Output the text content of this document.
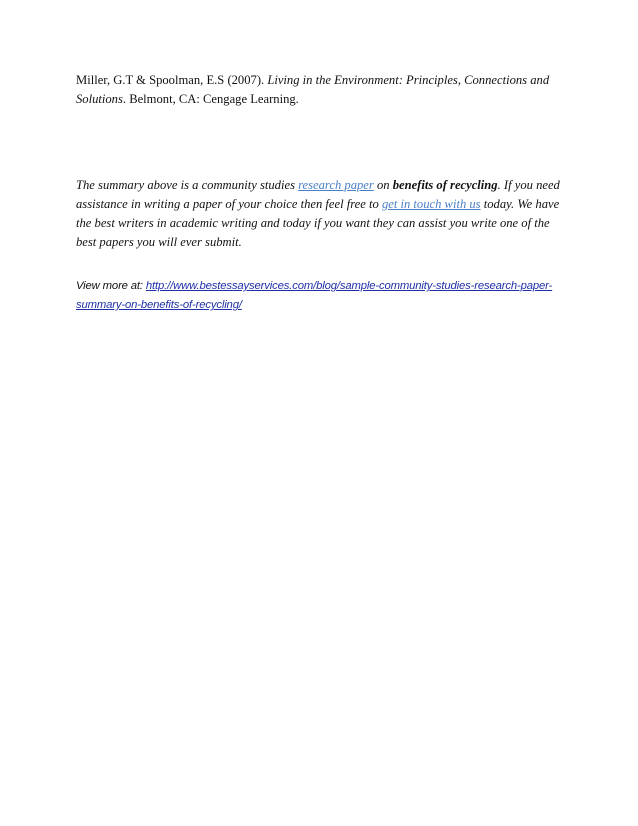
Miller, G.T & Spoolman, E.S (2007). Living in the Environment: Principles, Connections and Solutions. Belmont, CA: Cengage Learning.

The summary above is a community studies research paper on benefits of recycling. If you need assistance in writing a paper of your choice then feel free to get in touch with us today. We have the best writers in academic writing and today if you want they can assist you write one of the best papers you will ever submit.

View more at: http://www.bestessayservices.com/blog/sample-community-studies-research-paper-
summary-on-benefits-of-recycling/
